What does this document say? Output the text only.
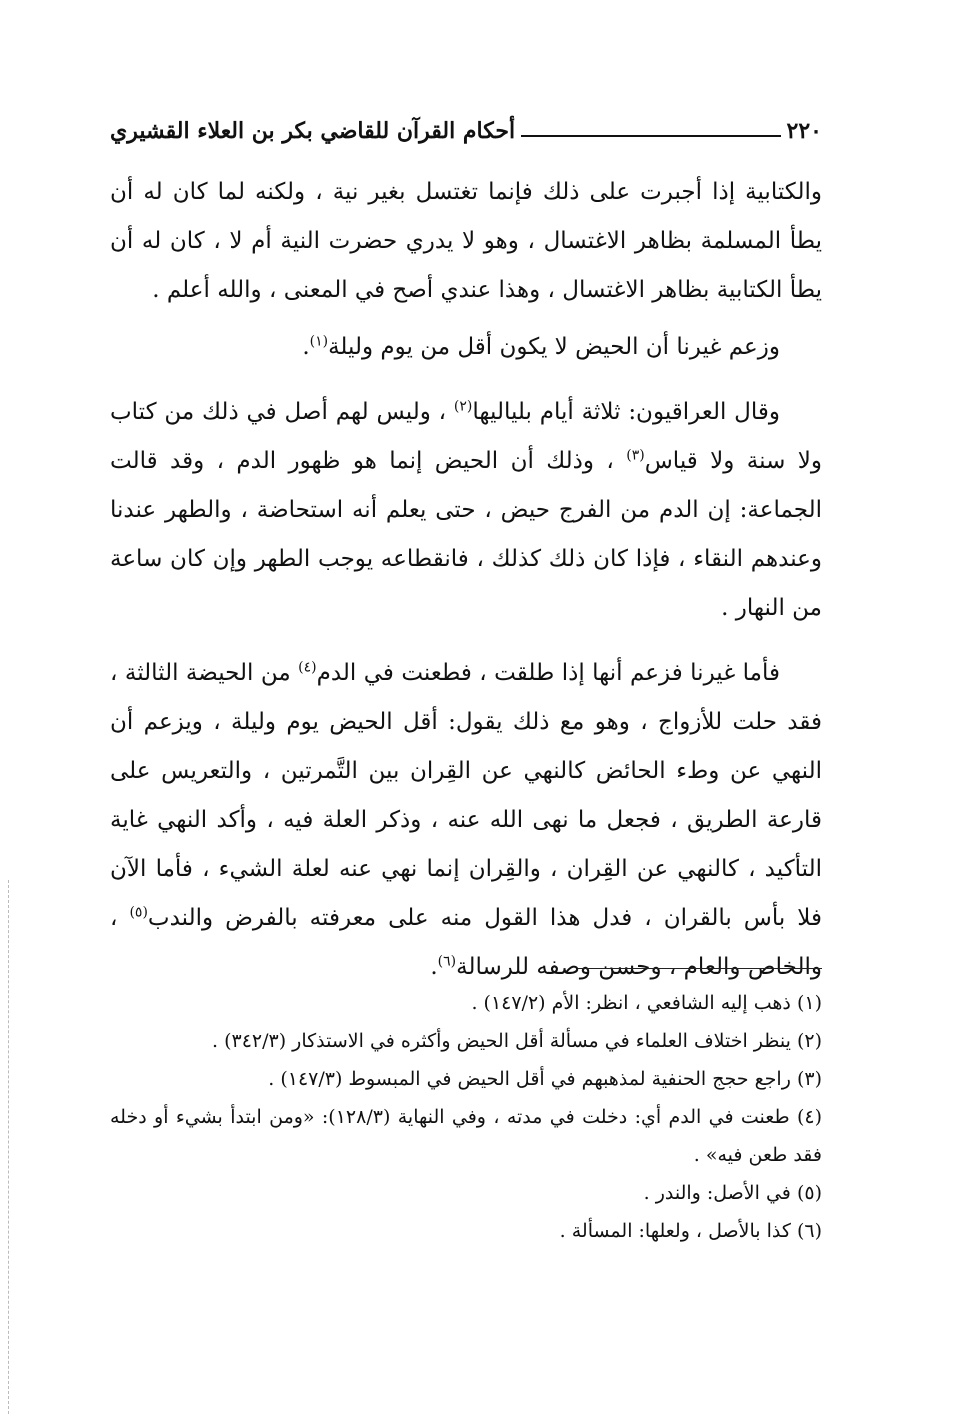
أحكام القرآن للقاضي بكر بن العلاء القشيري	٢٢٠

والكتابية إذا أجبرت على ذلك فإنما تغتسل بغير نية ، ولكنه لما كان له أن يطأ المسلمة بظاهر الاغتسال ، وهو لا يدري حضرت النية أم لا ، كان له أن يطأ الكتابية بظاهر الاغتسال ، وهذا عندي أصح في المعنى ، والله أعلم .

وزعم غيرنا أن الحيض لا يكون أقل من يوم وليلة$^{(١)}$.

وقال العراقيون: ثلاثة أيام بلياليها$^{(٢)}$ ، وليس لهم أصل في ذلك من كتاب ولا سنة ولا قياس$^{(٣)}$ ، وذلك أن الحيض إنما هو ظهور الدم ، وقد قالت الجماعة: إن الدم من الفرج حيض ، حتى يعلم أنه استحاضة ، والطهر عندنا وعندهم النقاء ، فإذا كان ذلك كذلك ، فانقطاعه يوجب الطهر وإن كان ساعة من النهار .

فأما غيرنا فزعم أنها إذا طلقت ، فطعنت في الدم$^{(٤)}$ من الحيضة الثالثة ، فقد حلت للأزواج ، وهو مع ذلك يقول: أقل الحيض يوم وليلة ، ويزعم أن النهي عن وطء الحائض كالنهي عن القِران بين التَّمرتين ، والتعريس على قارعة الطريق ، فجعل ما نهى الله عنه ، وذكر العلة فيه ، وأكد النهي غاية التأكيد ، كالنهي عن القِران ، والقِران إنما نهي عنه لعلة الشيء ، فأما الآن فلا بأس بالقران ، فدل هذا القول منه على معرفته بالفرض والندب$^{(٥)}$ ، والخاص والعام ، وحسن وصفه للرسالة$^{(٦)}$.

(١) ذهب إليه الشافعي ، انظر: الأم (١٤٧/٢) .

(٢) ينظر اختلاف العلماء في مسألة أقل الحيض وأكثره في الاستذكار (٣٤٢/٣) .

(٣) راجع حجج الحنفية لمذهبهم في أقل الحيض في المبسوط (١٤٧/٣) .

(٤) طعنت في الدم أي: دخلت في مدته ، وفي النهاية (١٢٨/٣): «ومن ابتدأ بشيء أو دخله فقد طعن فيه» .

(٥) في الأصل: والندر .

(٦) كذا بالأصل ، ولعلها: المسألة .
